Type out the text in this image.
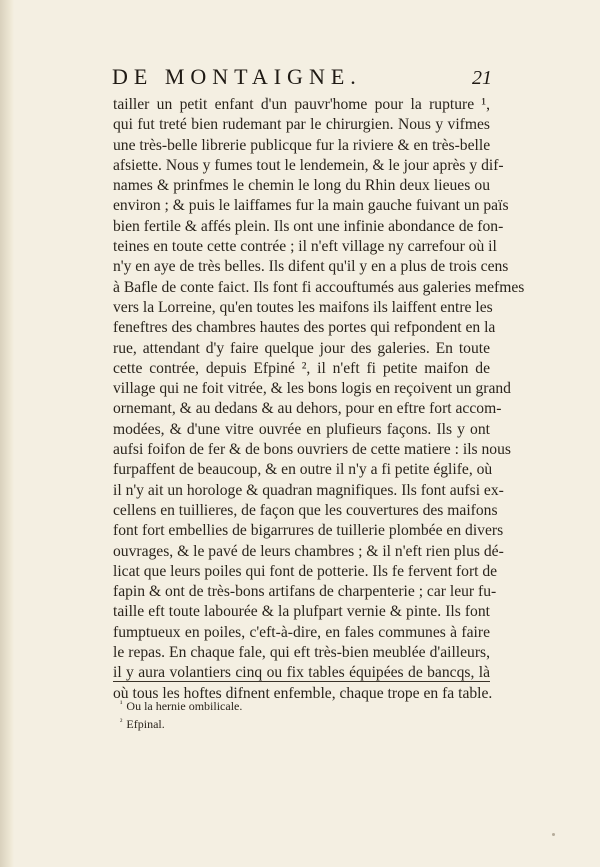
DE MONTAIGNE.	21
tailler un petit enfant d'un pauvr'home pour la rupture ¹,
qui fut treté bien rudemant par le chirurgien. Nous y vifmes
une très-belle librerie publicque fur la riviere & en très-belle
afsiette. Nous y fumes tout le lendemein, & le jour après y dif-
names & prinfmes le chemin le long du Rhin deux lieues ou
environ ; & puis le laiffames fur la main gauche fuivant un païs
bien fertile & affés plein. Ils ont une infinie abondance de fon-
teines en toute cette contrée ; il n'eft village ny carrefour où il
n'y en aye de très belles. Ils difent qu'il y en a plus de trois cens
à Bafle de conte faict. Ils font fi accouftumés aus galeries mefmes
vers la Lorreine, qu'en toutes les maifons ils laiffent entre les
feneftres des chambres hautes des portes qui refpondent en la
rue, attendant d'y faire quelque jour des galeries. En toute
cette contrée, depuis Efpiné ², il n'eft fi petite maifon de
village qui ne foit vitrée, & les bons logis en reçoivent un grand
ornemant, & au dedans & au dehors, pour en eftre fort accom-
modées, & d'une vitre ouvrée en plufieurs façons. Ils y ont
aufsi foifon de fer & de bons ouvriers de cette matiere : ils nous
furpaffent de beaucoup, & en outre il n'y a fi petite églife, où
il n'y ait un horologe & quadran magnifiques. Ils font aufsi ex-
cellens en tuillieres, de façon que les couvertures des maifons
font fort embellies de bigarrures de tuillerie plombée en divers
ouvrages, & le pavé de leurs chambres ; & il n'eft rien plus dé-
licat que leurs poiles qui font de potterie. Ils fe fervent fort de
fapin & ont de très-bons artifans de charpenterie ; car leur fu-
taille eft toute labourée & la plufpart vernie & pinte. Ils font
fumptueux en poiles, c'eft-à-dire, en fales communes à faire
le repas. En chaque fale, qui eft très-bien meublée d'ailleurs,
il y aura volantiers cinq ou fix tables équipées de bancqs, là
où tous les hoftes difnent enfemble, chaque trope en fa table.
$^{^1}$ Ou la hernie ombilicale.
$^{^2}$ Efpinal.
